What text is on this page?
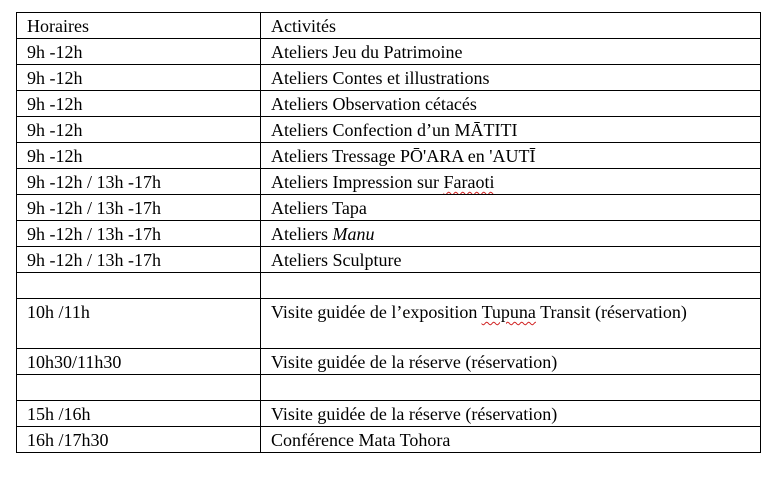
Horaires	Activités
9h -12h	Ateliers Jeu du Patrimoine
9h -12h	Ateliers Contes et illustrations
9h -12h	Ateliers Observation cétacés
9h -12h	Ateliers Confection d’un MĀTITI
9h -12h	Ateliers Tressage PŌ'ARA en 'AUTĪ
9h -12h / 13h -17h	Ateliers Impression sur Faraoti
9h -12h / 13h -17h	Ateliers Tapa
9h -12h / 13h -17h	Ateliers Manu
9h -12h / 13h -17h	Ateliers Sculpture

10h /11h	Visite guidée de l’exposition Tupuna Transit (réservation)
10h30/11h30	Visite guidée de la réserve (réservation)

15h /16h	Visite guidée de la réserve (réservation)
16h /17h30	Conférence Mata Tohora
